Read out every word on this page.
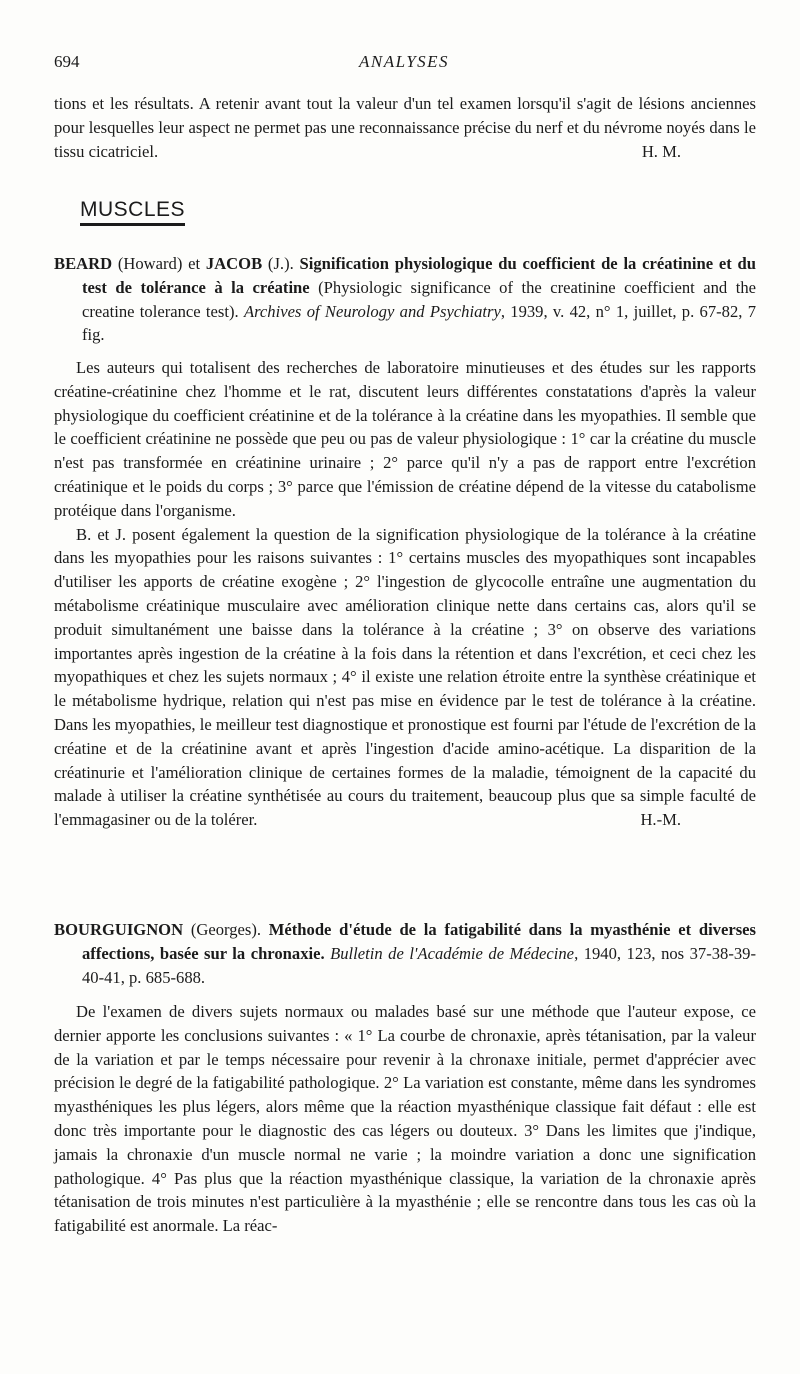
694	ANALYSES

tions et les résultats. A retenir avant tout la valeur d'un tel examen lorsqu'il s'agit de lésions anciennes pour lesquelles leur aspect ne permet pas une reconnaissance précise du nerf et du névrome noyés dans le tissu cicatriciel.	H. M.

MUSCLES
BEARD (Howard) et JACOB (J.). Signification physiologique du coefficient de la créatinine et du test de tolérance à la créatine (Physiologic significance of the creatinine coefficient and the creatine tolerance test). Archives of Neurology and Psychiatry, 1939, v. 42, n° 1, juillet, p. 67-82, 7 fig.

Les auteurs qui totalisent des recherches de laboratoire minutieuses et des études sur les rapports créatine-créatinine chez l'homme et le rat, discutent leurs différentes constatations d'après la valeur physiologique du coefficient créatinine et de la tolérance à la créatine dans les myopathies. Il semble que le coefficient créatinine ne possède que peu ou pas de valeur physiologique : 1° car la créatine du muscle n'est pas transformée en créatinine urinaire ; 2° parce qu'il n'y a pas de rapport entre l'excrétion créatinique et le poids du corps ; 3° parce que l'émission de créatine dépend de la vitesse du catabolisme protéique dans l'organisme.

B. et J. posent également la question de la signification physiologique de la tolérance à la créatine dans les myopathies pour les raisons suivantes : 1° certains muscles des myopathiques sont incapables d'utiliser les apports de créatine exogène ; 2° l'ingestion de glycocolle entraîne une augmentation du métabolisme créatinique musculaire avec amélioration clinique nette dans certains cas, alors qu'il se produit simultanément une baisse dans la tolérance à la créatine ; 3° on observe des variations importantes après ingestion de la créatine à la fois dans la rétention et dans l'excrétion, et ceci chez les myopathiques et chez les sujets normaux ; 4° il existe une relation étroite entre la synthèse créatinique et le métabolisme hydrique, relation qui n'est pas mise en évidence par le test de tolérance à la créatine. Dans les myopathies, le meilleur test diagnostique et pronostique est fourni par l'étude de l'excrétion de la créatine et de la créatinine avant et après l'ingestion d'acide amino-acétique. La disparition de la créatinurie et l'amélioration clinique de certaines formes de la maladie, témoignent de la capacité du malade à utiliser la créatine synthétisée au cours du traitement, beaucoup plus que sa simple faculté de l'emmagasiner ou de la tolérer.	H.-M.

BOURGUIGNON (Georges). Méthode d'étude de la fatigabilité dans la myasthénie et diverses affections, basée sur la chronaxie. Bulletin de l'Académie de Médecine, 1940, 123, nos 37-38-39-40-41, p. 685-688.

De l'examen de divers sujets normaux ou malades basé sur une méthode que l'auteur expose, ce dernier apporte les conclusions suivantes : « 1° La courbe de chronaxie, après tétanisation, par la valeur de la variation et par le temps nécessaire pour revenir à la chronaxe initiale, permet d'apprécier avec précision le degré de la fatigabilité pathologique. 2° La variation est constante, même dans les syndromes myasthéniques les plus légers, alors même que la réaction myasthénique classique fait défaut : elle est donc très importante pour le diagnostic des cas légers ou douteux. 3° Dans les limites que j'indique, jamais la chronaxie d'un muscle normal ne varie ; la moindre variation a donc une signification pathologique. 4° Pas plus que la réaction myasthénique classique, la variation de la chronaxie après tétanisation de trois minutes n'est particulière à la myasthénie ; elle se rencontre dans tous les cas où la fatigabilité est anormale. La réac-
